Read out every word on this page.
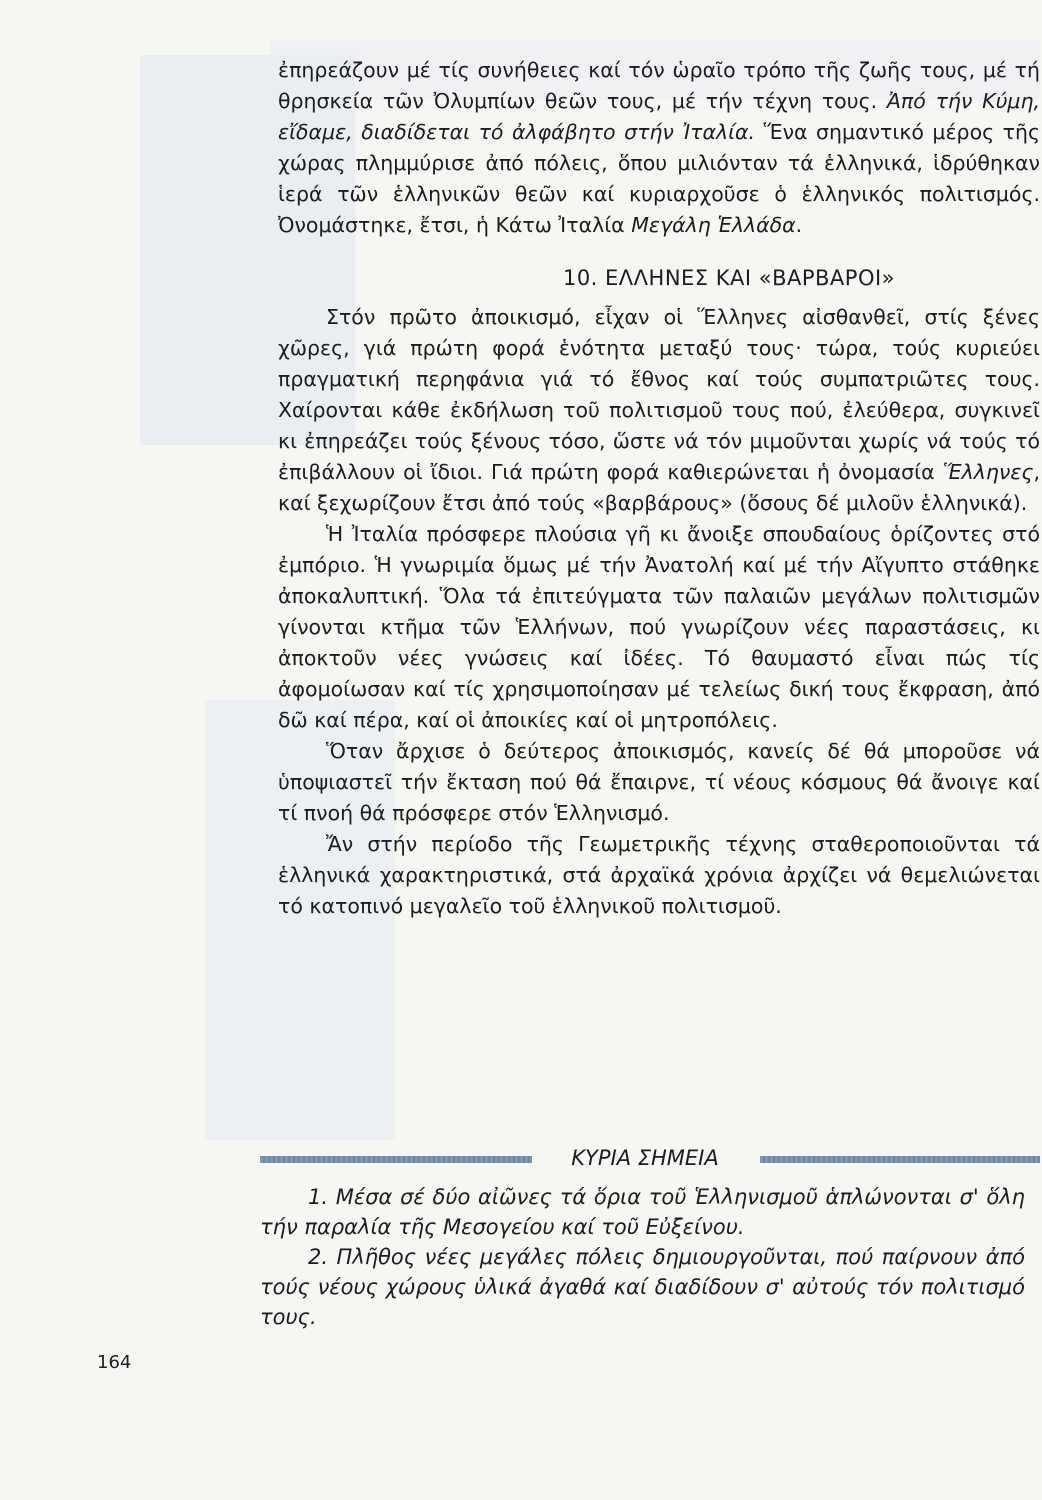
ἐπηρεάζουν μέ τίς συνήθειες καί τόν ὡραῖο τρόπο τῆς ζωῆς τους, μέ τή θρησκεία τῶν Ὀλυμπίων θεῶν τους, μέ τήν τέχνη τους. Ἀπό τήν Κύμη, εἴδαμε, διαδίδεται τό ἀλφάβητο στήν Ἰταλία. Ἕνα σημαντικό μέρος τῆς χώρας πλημμύρισε ἀπό πόλεις, ὅπου μιλιόνταν τά ἑλληνικά, ἱδρύθηκαν ἱερά τῶν ἑλληνικῶν θεῶν καί κυριαρχοῦσε ὁ ἑλληνικός πολιτισμός. Ὀνομάστηκε, ἔτσι, ἡ Κάτω Ἰταλία Μεγάλη Ἑλλάδα.

10. ΕΛΛΗΝΕΣ ΚΑΙ «ΒΑΡΒΑΡΟΙ»

Στόν πρῶτο ἀποικισμό, εἶχαν οἱ Ἕλληνες αἰσθανθεῖ, στίς ξένες χῶρες, γιά πρώτη φορά ἑνότητα μεταξύ τους· τώρα, τούς κυριεύει πραγματική περηφάνια γιά τό ἔθνος καί τούς συμπατριῶτες τους. Χαίρονται κάθε ἐκδήλωση τοῦ πολιτισμοῦ τους πού, ἐλεύθερα, συγκινεῖ κι ἐπηρεάζει τούς ξένους τόσο, ὥστε νά τόν μιμοῦνται χωρίς νά τούς τό ἐπιβάλλουν οἱ ἴδιοι. Γιά πρώτη φορά καθιερώνεται ἡ ὀνομασία Ἕλληνες, καί ξεχωρίζουν ἔτσι ἀπό τούς «βαρβάρους» (ὅσους δέ μιλοῦν ἑλληνικά).

Ἡ Ἰταλία πρόσφερε πλούσια γῆ κι ἄνοιξε σπουδαίους ὁρίζοντες στό ἐμπόριο. Ἡ γνωριμία ὅμως μέ τήν Ἀνατολή καί μέ τήν Αἴγυπτο στάθηκε ἀποκαλυπτική. Ὅλα τά ἐπιτεύγματα τῶν παλαιῶν μεγάλων πολιτισμῶν γίνονται κτῆμα τῶν Ἑλλήνων, πού γνωρίζουν νέες παραστάσεις, κι ἀποκτοῦν νέες γνώσεις καί ἰδέες. Τό θαυμαστό εἶναι πώς τίς ἀφομοίωσαν καί τίς χρησιμοποίησαν μέ τελείως δική τους ἔκφραση, ἀπό δῶ καί πέρα, καί οἱ ἀποικίες καί οἱ μητροπόλεις.

Ὅταν ἄρχισε ὁ δεύτερος ἀποικισμός, κανείς δέ θά μποροῦσε νά ὑποψιαστεῖ τήν ἔκταση πού θά ἔπαιρνε, τί νέους κόσμους θά ἄνοιγε καί τί πνοή θά πρόσφερε στόν Ἑλληνισμό.

Ἄν στήν περίοδο τῆς Γεωμετρικῆς τέχνης σταθεροποιοῦνται τά ἑλληνικά χαρακτηριστικά, στά ἀρχαϊκά χρόνια ἀρχίζει νά θεμελιώνεται τό κατοπινό μεγαλεῖο τοῦ ἑλληνικοῦ πολιτισμοῦ.

ΚΥΡΙΑ ΣΗΜΕΙΑ

1. Μέσα σέ δύο αἰῶνες τά ὅρια τοῦ Ἑλληνισμοῦ ἁπλώνονται σ' ὅλη τήν παραλία τῆς Μεσογείου καί τοῦ Εὐξείνου.

2. Πλῆθος νέες μεγάλες πόλεις δημιουργοῦνται, πού παίρνουν ἀπό τούς νέους χώρους ὑλικά ἀγαθά καί διαδίδουν σ' αὐτούς τόν πολιτισμό τους.

164
